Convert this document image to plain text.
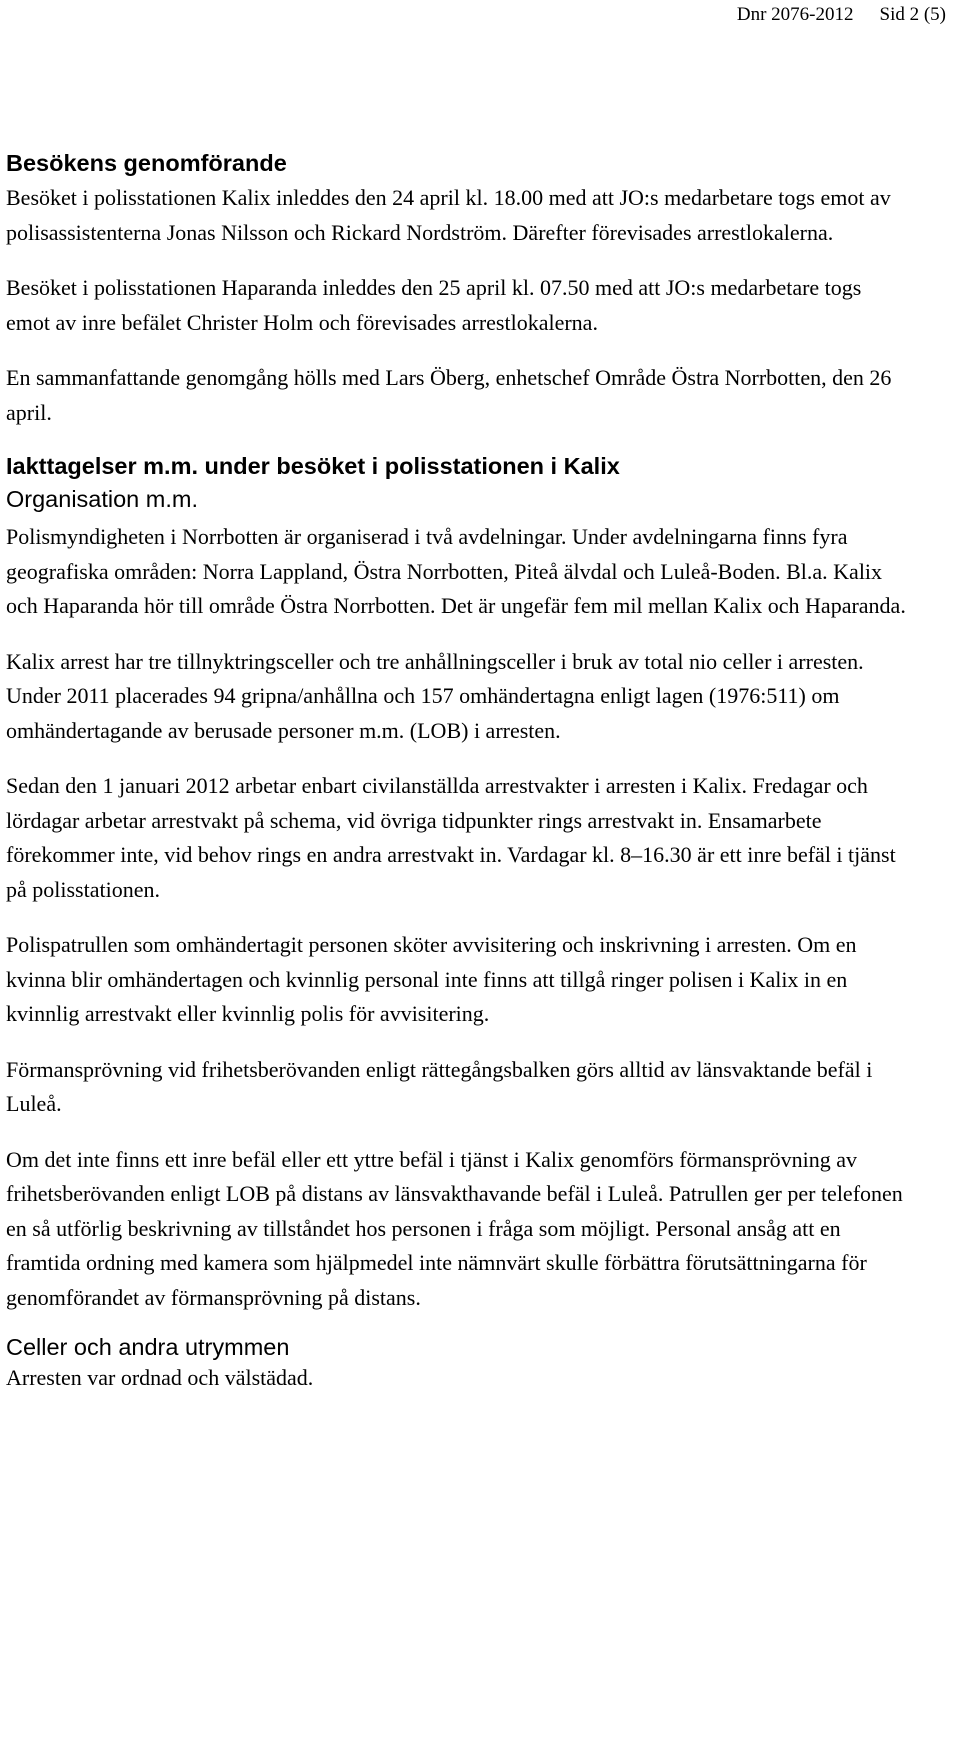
Dnr 2076-2012 Sid 2 (5)
Besökens genomförande

Besöket i polisstationen Kalix inleddes den 24 april kl. 18.00 med att JO:s medarbetare togs emot av polisassistenterna Jonas Nilsson och Rickard Nordström. Därefter förevisades arrestlokalerna.

Besöket i polisstationen Haparanda inleddes den 25 april kl. 07.50 med att JO:s medarbetare togs emot av inre befälet Christer Holm och förevisades arrestlokalerna.

En sammanfattande genomgång hölls med Lars Öberg, enhetschef Område Östra Norrbotten, den 26 april.

Iakttagelser m.m. under besöket i polisstationen i Kalix
Organisation m.m.

Polismyndigheten i Norrbotten är organiserad i två avdelningar. Under avdelningarna finns fyra geografiska områden: Norra Lappland, Östra Norrbotten, Piteå älvdal och Luleå-Boden. Bl.a. Kalix och Haparanda hör till område Östra Norrbotten. Det är ungefär fem mil mellan Kalix och Haparanda.

Kalix arrest har tre tillnyktringsceller och tre anhållningsceller i bruk av total nio celler i arresten. Under 2011 placerades 94 gripna/anhållna och 157 omhändertagna enligt lagen (1976:511) om omhändertagande av berusade personer m.m. (LOB) i arresten.

Sedan den 1 januari 2012 arbetar enbart civilanställda arrestvakter i arresten i Kalix. Fredagar och lördagar arbetar arrestvakt på schema, vid övriga tidpunkter rings arrestvakt in. Ensamarbete förekommer inte, vid behov rings en andra arrestvakt in. Vardagar kl. 8–16.30 är ett inre befäl i tjänst på polisstationen.

Polispatrullen som omhändertagit personen sköter avvisitering och inskrivning i arresten. Om en kvinna blir omhändertagen och kvinnlig personal inte finns att tillgå ringer polisen i Kalix in en kvinnlig arrestvakt eller kvinnlig polis för avvisitering.

Förmansprövning vid frihetsberövanden enligt rättegångsbalken görs alltid av länsvaktande befäl i Luleå.

Om det inte finns ett inre befäl eller ett yttre befäl i tjänst i Kalix genomförs förmansprövning av frihetsberövanden enligt LOB på distans av länsvakthavande befäl i Luleå. Patrullen ger per telefonen en så utförlig beskrivning av tillståndet hos personen i fråga som möjligt. Personal ansåg att en framtida ordning med kamera som hjälpmedel inte nämnvärt skulle förbättra förutsättningarna för genomförandet av förmansprövning på distans.

Celler och andra utrymmen

Arresten var ordnad och välstädad.
